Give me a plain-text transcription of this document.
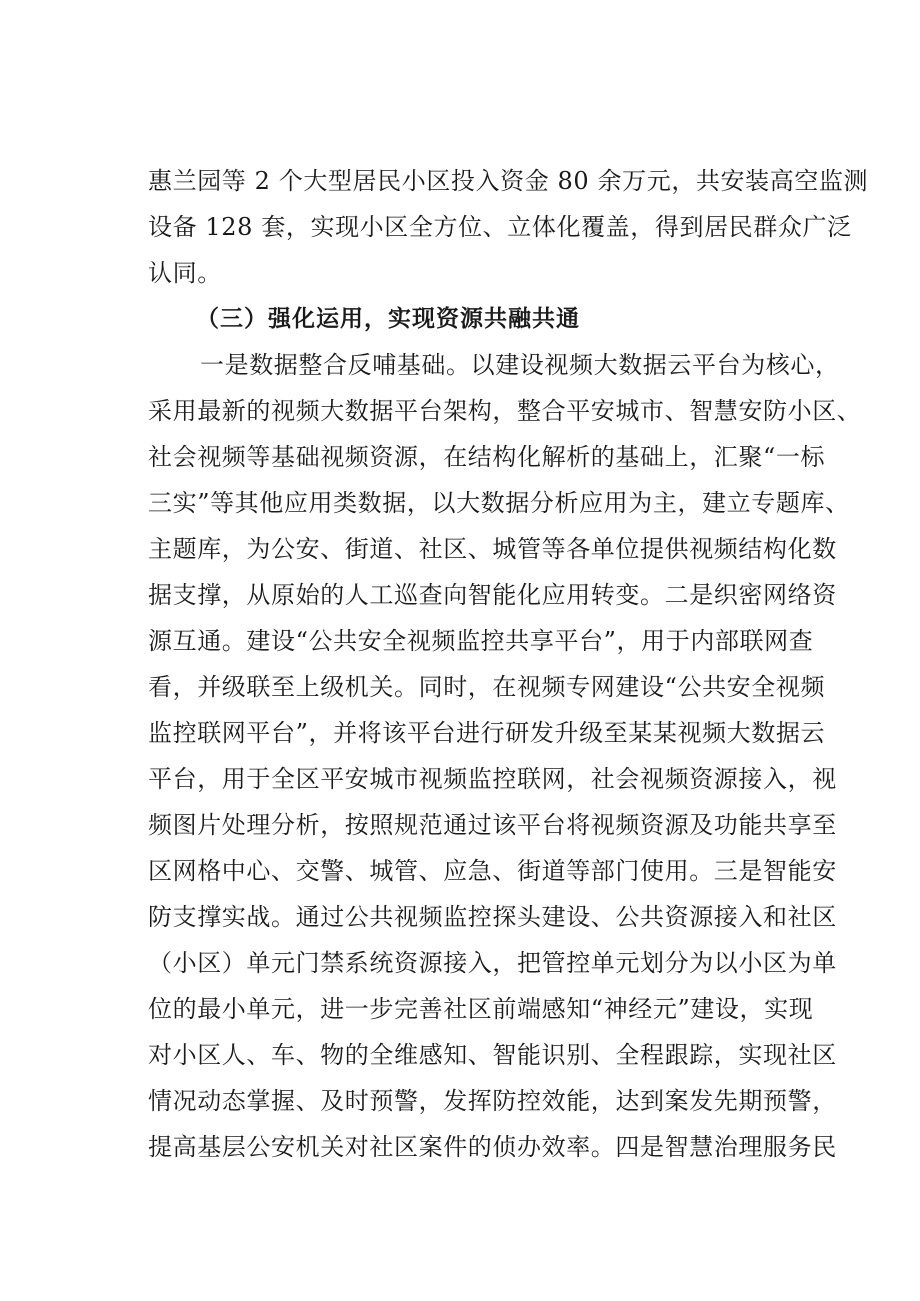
惠兰园等 2 个大型居民小区投入资金 80 余万元，共安装高空监测
设备 128 套，实现小区全方位、立体化覆盖，得到居民群众广泛
认同。
（三）强化运用，实现资源共融共通
一是数据整合反哺基础。以建设视频大数据云平台为核心，
采用最新的视频大数据平台架构，整合平安城市、智慧安防小区、
社会视频等基础视频资源，在结构化解析的基础上，汇聚“一标
三实”等其他应用类数据，以大数据分析应用为主，建立专题库、
主题库，为公安、街道、社区、城管等各单位提供视频结构化数
据支撑，从原始的人工巡查向智能化应用转变。二是织密网络资
源互通。建设“公共安全视频监控共享平台”，用于内部联网查
看，并级联至上级机关。同时，在视频专网建设“公共安全视频
监控联网平台”，并将该平台进行研发升级至某某视频大数据云
平台，用于全区平安城市视频监控联网，社会视频资源接入，视
频图片处理分析，按照规范通过该平台将视频资源及功能共享至
区网格中心、交警、城管、应急、街道等部门使用。三是智能安
防支撑实战。通过公共视频监控探头建设、公共资源接入和社区
（小区）单元门禁系统资源接入，把管控单元划分为以小区为单
位的最小单元，进一步完善社区前端感知“神经元”建设，实现
对小区人、车、物的全维感知、智能识别、全程跟踪，实现社区
情况动态掌握、及时预警，发挥防控效能，达到案发先期预警，
提高基层公安机关对社区案件的侦办效率。四是智慧治理服务民
